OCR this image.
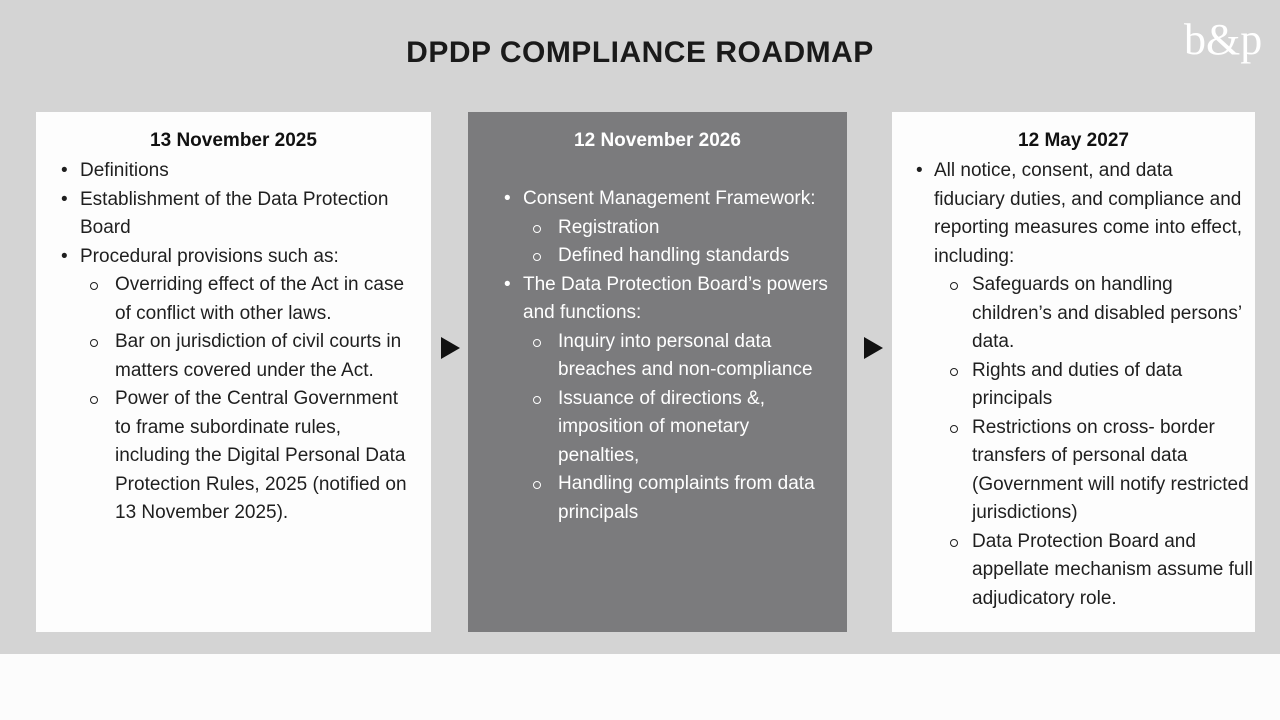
DPDP COMPLIANCE ROADMAP	b&p
13 November 2025
• Definitions
• Establishment of the Data Protection Board
• Procedural provisions such as:
Overriding effect of the Act in case of conflict with other laws.
Bar on jurisdiction of civil courts in matters covered under the Act.
Power of the Central Government to frame subordinate rules, including the Digital Personal Data Protection Rules, 2025 (notified on 13 November 2025).
12 November 2026
• Consent Management Framework:
Registration
Defined handling standards
• The Data Protection Board’s powers and functions:
Inquiry into personal data breaches and non-compliance
Issuance of directions &, imposition of monetary penalties,
Handling complaints from data principals
12 May 2027
• All notice, consent, and data fiduciary duties, and compliance and reporting measures come into effect, including:
Safeguards on handling children’s and disabled persons’ data.
Rights and duties of data principals
Restrictions on cross- border transfers of personal data (Government will notify restricted jurisdictions)
Data Protection Board and appellate mechanism assume full adjudicatory role.
